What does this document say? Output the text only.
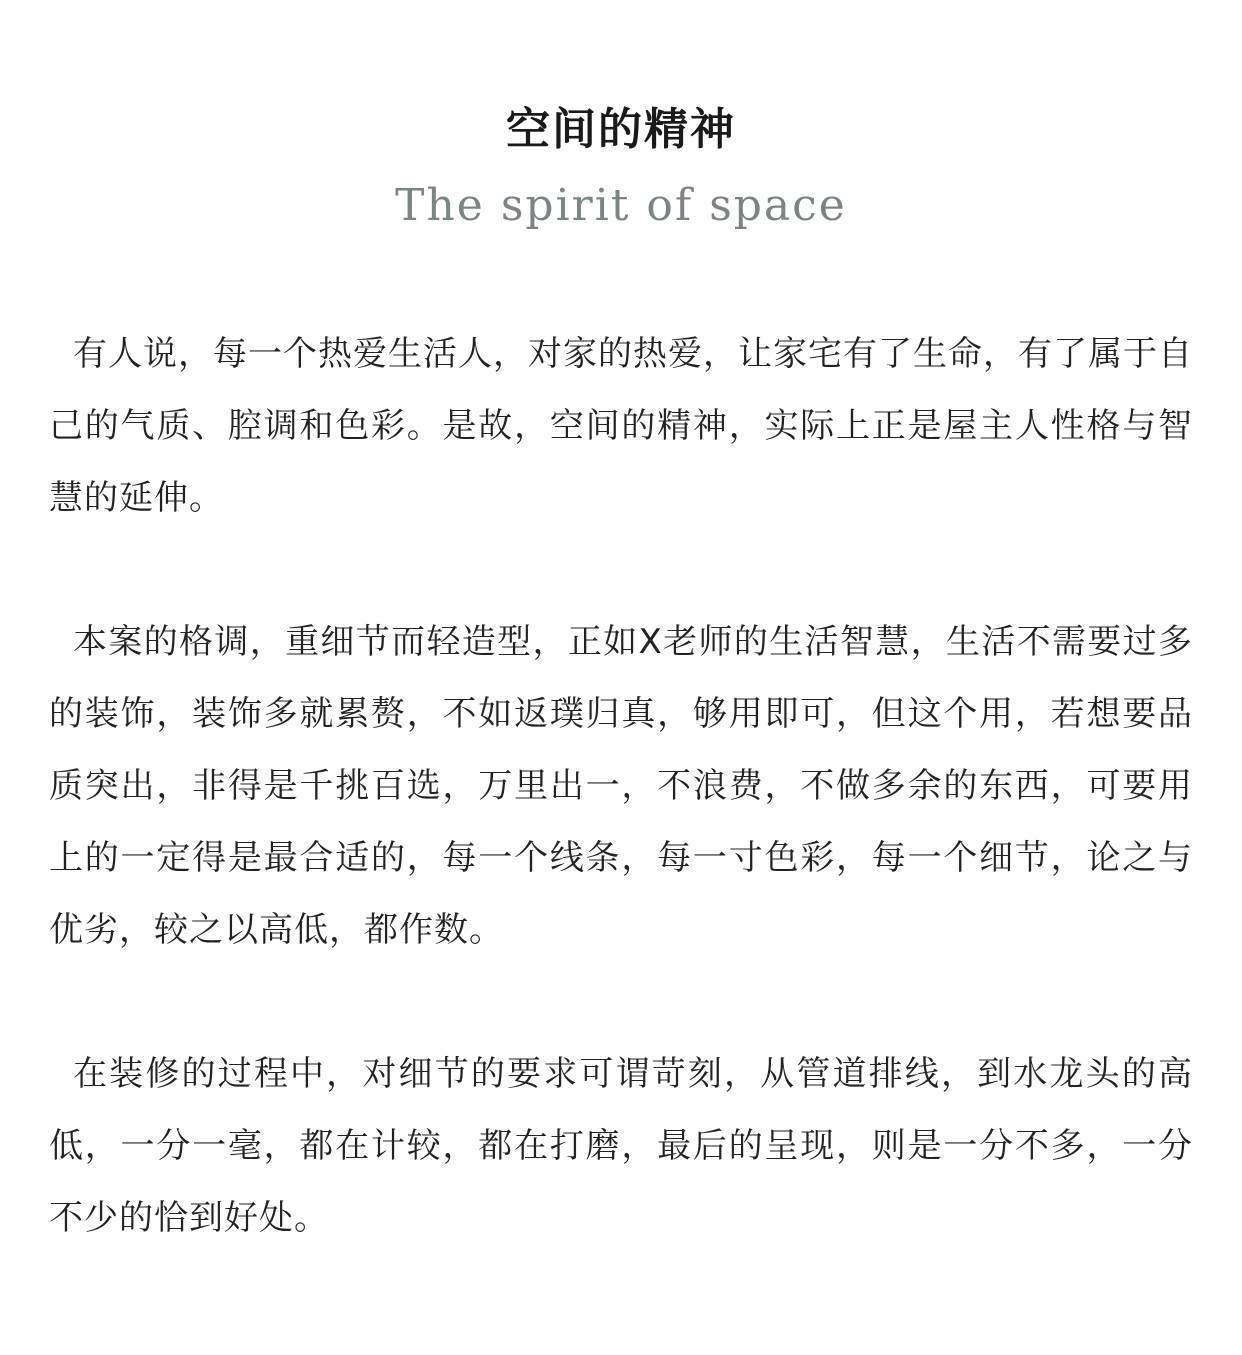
空间的精神
The spirit of space

有人说，每一个热爱生活人，对家的热爱，让家宅有了生命，有了属于自己的气质、腔调和色彩。是故，空间的精神，实际上正是屋主人性格与智慧的延伸。

本案的格调，重细节而轻造型，正如X老师的生活智慧，生活不需要过多的装饰，装饰多就累赘，不如返璞归真，够用即可，但这个用，若想要品质突出，非得是千挑百选，万里出一，不浪费，不做多余的东西，可要用上的一定得是最合适的，每一个线条，每一寸色彩，每一个细节，论之与优劣，较之以高低，都作数。

在装修的过程中，对细节的要求可谓苛刻，从管道排线，到水龙头的高低，一分一毫，都在计较，都在打磨，最后的呈现，则是一分不多，一分不少的恰到好处。
